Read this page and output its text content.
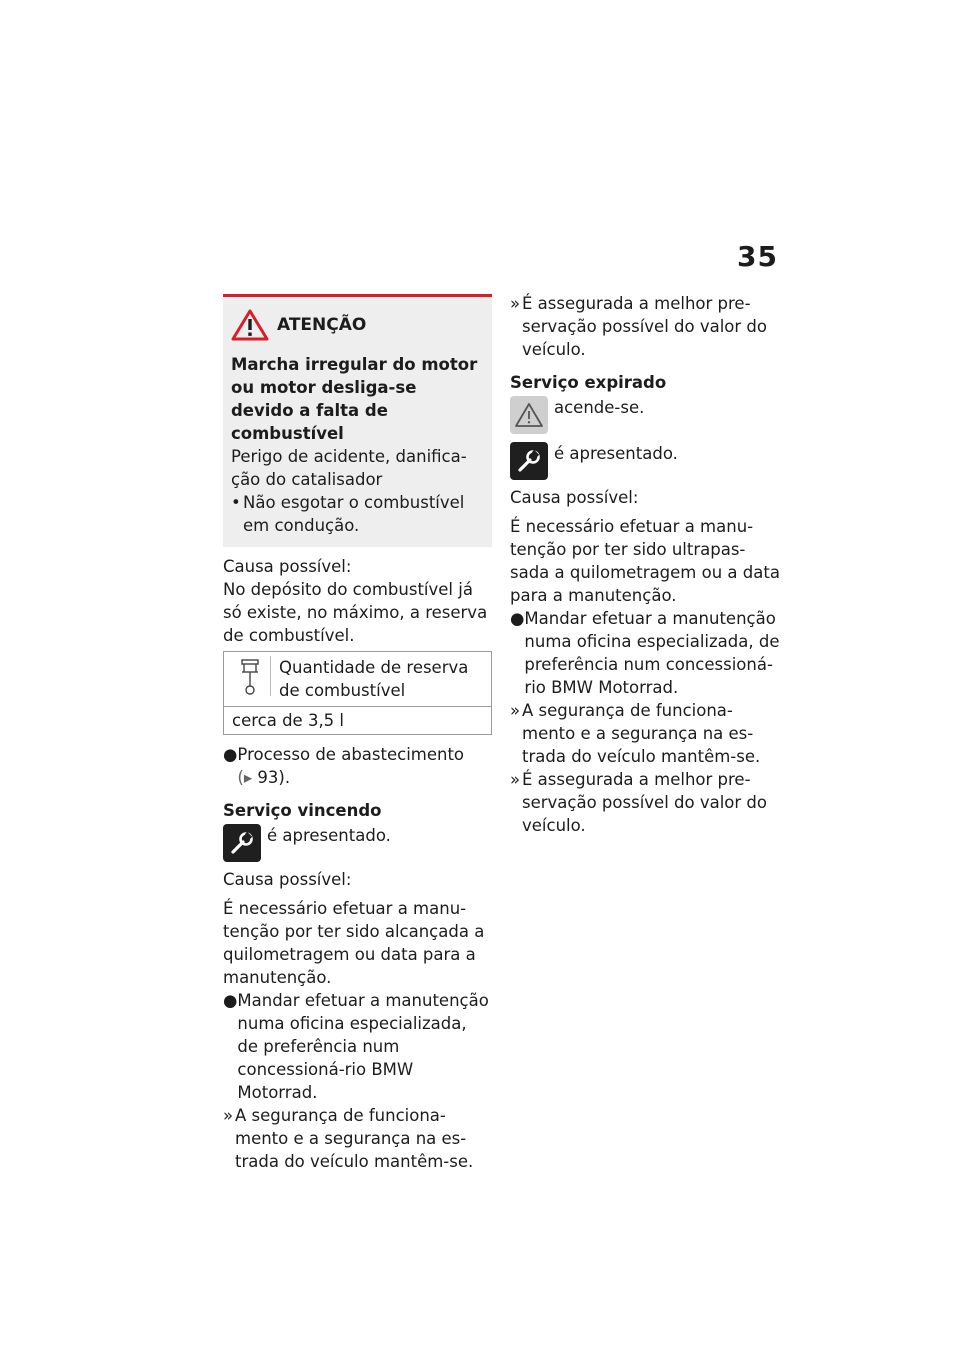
35
ATENÇÃO

Marcha irregular do motor ou motor desliga-se devido a falta de combustível

Perigo de acidente, danifica-ção do catalisador

• Não esgotar o combustível em condução.

Causa possível:

No depósito do combustível já só existe, no máximo, a reserva de combustível.

Quantidade de reserva de combustível
cerca de 3,5 l
● Processo de abastecimento
(▸ 93).

Serviço vincendo

é apresentado.

Causa possível:

É necessário efetuar a manu-tenção por ter sido alcançada a quilometragem ou data para a manutenção.

● Mandar efetuar a manutenção numa oficina especializada, de preferência num concessioná-rio BMW Motorrad.
» A segurança de funciona-mento e a segurança na es-trada do veículo mantêm-se.
» É assegurada a melhor pre-servação possível do valor do veículo.

Serviço expirado

acende-se.
é apresentado.

Causa possível:

É necessário efetuar a manu-tenção por ter sido ultrapas-sada a quilometragem ou a data para a manutenção.

● Mandar efetuar a manutenção numa oficina especializada, de preferência num concessioná-rio BMW Motorrad.
» A segurança de funciona-mento e a segurança na es-trada do veículo mantêm-se.
» É assegurada a melhor pre-servação possível do valor do veículo.
